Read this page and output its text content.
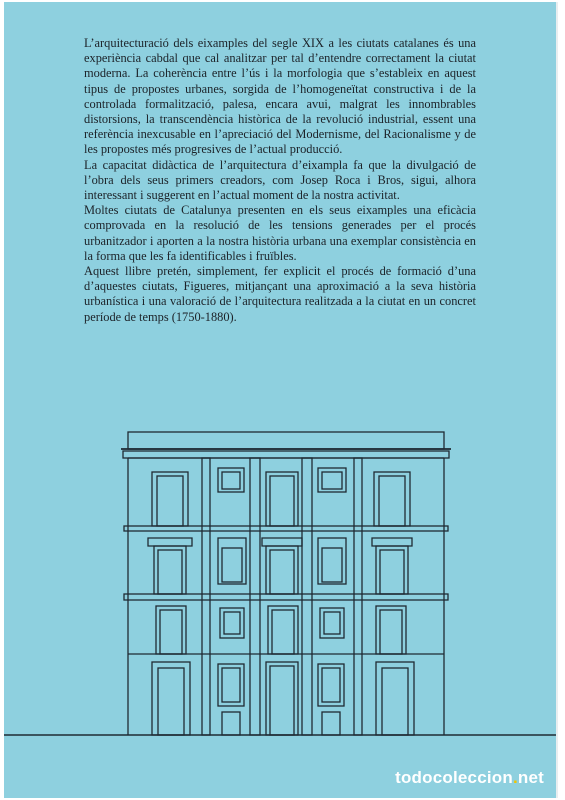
L’arquitecturació dels eixamples del segle XIX a les ciutats catalanes és una experiència cabdal que cal analitzar per tal d’entendre correctament la ciutat moderna. La coherència entre l’ús i la morfologia que s’estableix en aquest tipus de propostes urbanes, sorgida de l’homogeneïtat constructiva i de la controlada formalització, palesa, encara avui, malgrat les innombrables distorsions, la transcendència històrica de la revolució industrial, essent una referència inexcusable en l’apreciació del Modernisme, del Racionalisme y de les propostes més progresives de l’actual producció.

La capacitat didàctica de l’arquitectura d’eixampla fa que la divulgació de l’obra dels seus primers creadors, com Josep Roca i Bros, sigui, alhora interessant i suggerent en l’actual moment de la nostra activitat.

Moltes ciutats de Catalunya presenten en els seus eixamples una eficàcia comprovada en la resolució de les tensions generades per el procés urbanitzador i aporten a la nostra història urbana una exemplar consistència en la forma que les fa identificables i fruïbles.

Aquest llibre pretén, simplement, fer explicit el procés de formació d’una d’aquestes ciutats, Figueres, mitjançant una aproximació a la seva història urbanística i una valoració de l’arquitectura realitzada a la ciutat en un concret període de temps (1750-1880).

todocoleccion.net
